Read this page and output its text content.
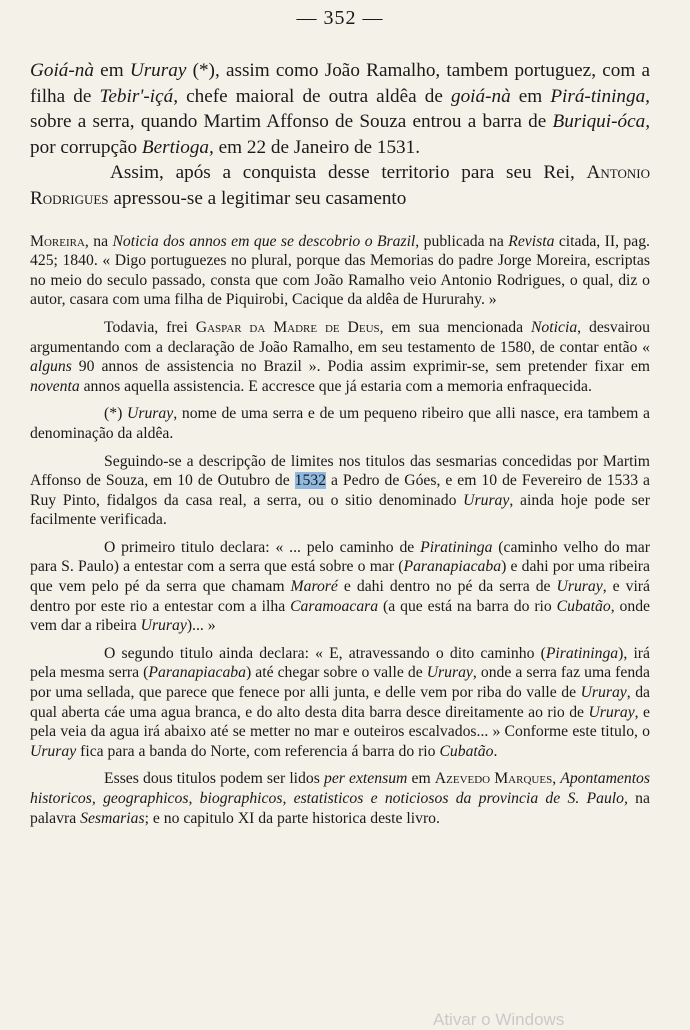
— 352 —

Goiá-nà em Ururay (*), assim como João Ramalho, tambem portuguez, com a filha de Tebir'-içá, chefe maioral de outra aldêa de goiá-nà em Pirá-tininga, sobre a serra, quando Martim Affonso de Souza entrou a barra de Buriqui-óca, por corrupção Bertioga, em 22 de Janeiro de 1531.

Assim, após a conquista desse territorio para seu Rei, Antonio Rodrigues apressou-se a legitimar seu casamento

Moreira, na Noticia dos annos em que se descobrio o Brazil, publicada na Revista citada, II, pag. 425; 1840. « Digo portuguezes no plural, porque das Memorias do padre Jorge Moreira, escriptas no meio do seculo passado, consta que com João Ramalho veio Antonio Rodrigues, o qual, diz o autor, casara com uma filha de Piquirobi, Cacique da aldêa de Hururahy. »

Todavia, frei Gaspar da Madre de Deus, em sua mencionada Noticia, desvairou argumentando com a declaração de João Ramalho, em seu testamento de 1580, de contar então « alguns 90 annos de assistencia no Brazil ». Podia assim exprimir-se, sem pretender fixar em noventa annos aquella assistencia. E accresce que já estaria com a memoria enfraquecida.

(*) Ururay, nome de uma serra e de um pequeno ribeiro que alli nasce, era tambem a denominação da aldêa.

Seguindo-se a descripção de limites nos titulos das sesmarias concedidas por Martim Affonso de Souza, em 10 de Outubro de 1532 a Pedro de Góes, e em 10 de Fevereiro de 1533 a Ruy Pinto, fidalgos da casa real, a serra, ou o sitio denominado Ururay, ainda hoje pode ser facilmente verificada.

O primeiro titulo declara: « ... pelo caminho de Piratininga (caminho velho do mar para S. Paulo) a entestar com a serra que está sobre o mar (Paranapiacaba) e dahi por uma ribeira que vem pelo pé da serra que chamam Maroré e dahi dentro no pé da serra de Ururay, e virá dentro por este rio a entestar com a ilha Caramoacara (a que está na barra do rio Cubatão, onde vem dar a ribeira Ururay)... »

O segundo titulo ainda declara: « E, atravessando o dito caminho (Piratininga), irá pela mesma serra (Paranapiacaba) até chegar sobre o valle de Ururay, onde a serra faz uma fenda por uma sellada, que parece que fenece por alli junta, e delle vem por riba do valle de Ururay, da qual aberta cáe uma agua branca, e do alto desta dita barra desce direitamente ao rio de Ururay, e pela veia da agua irá abaixo até se metter no mar e outeiros escalvados... » Conforme este titulo, o Ururay fica para a banda do Norte, com referencia á barra do rio Cubatão.

Esses dous titulos podem ser lidos per extensum em Azevedo Marques, Apontamentos historicos, geographicos, biographicos, estatisticos e noticiosos da provincia de S. Paulo, na palavra Sesmarias; e no capitulo XI da parte historica deste livro.

Ativar o Windows
